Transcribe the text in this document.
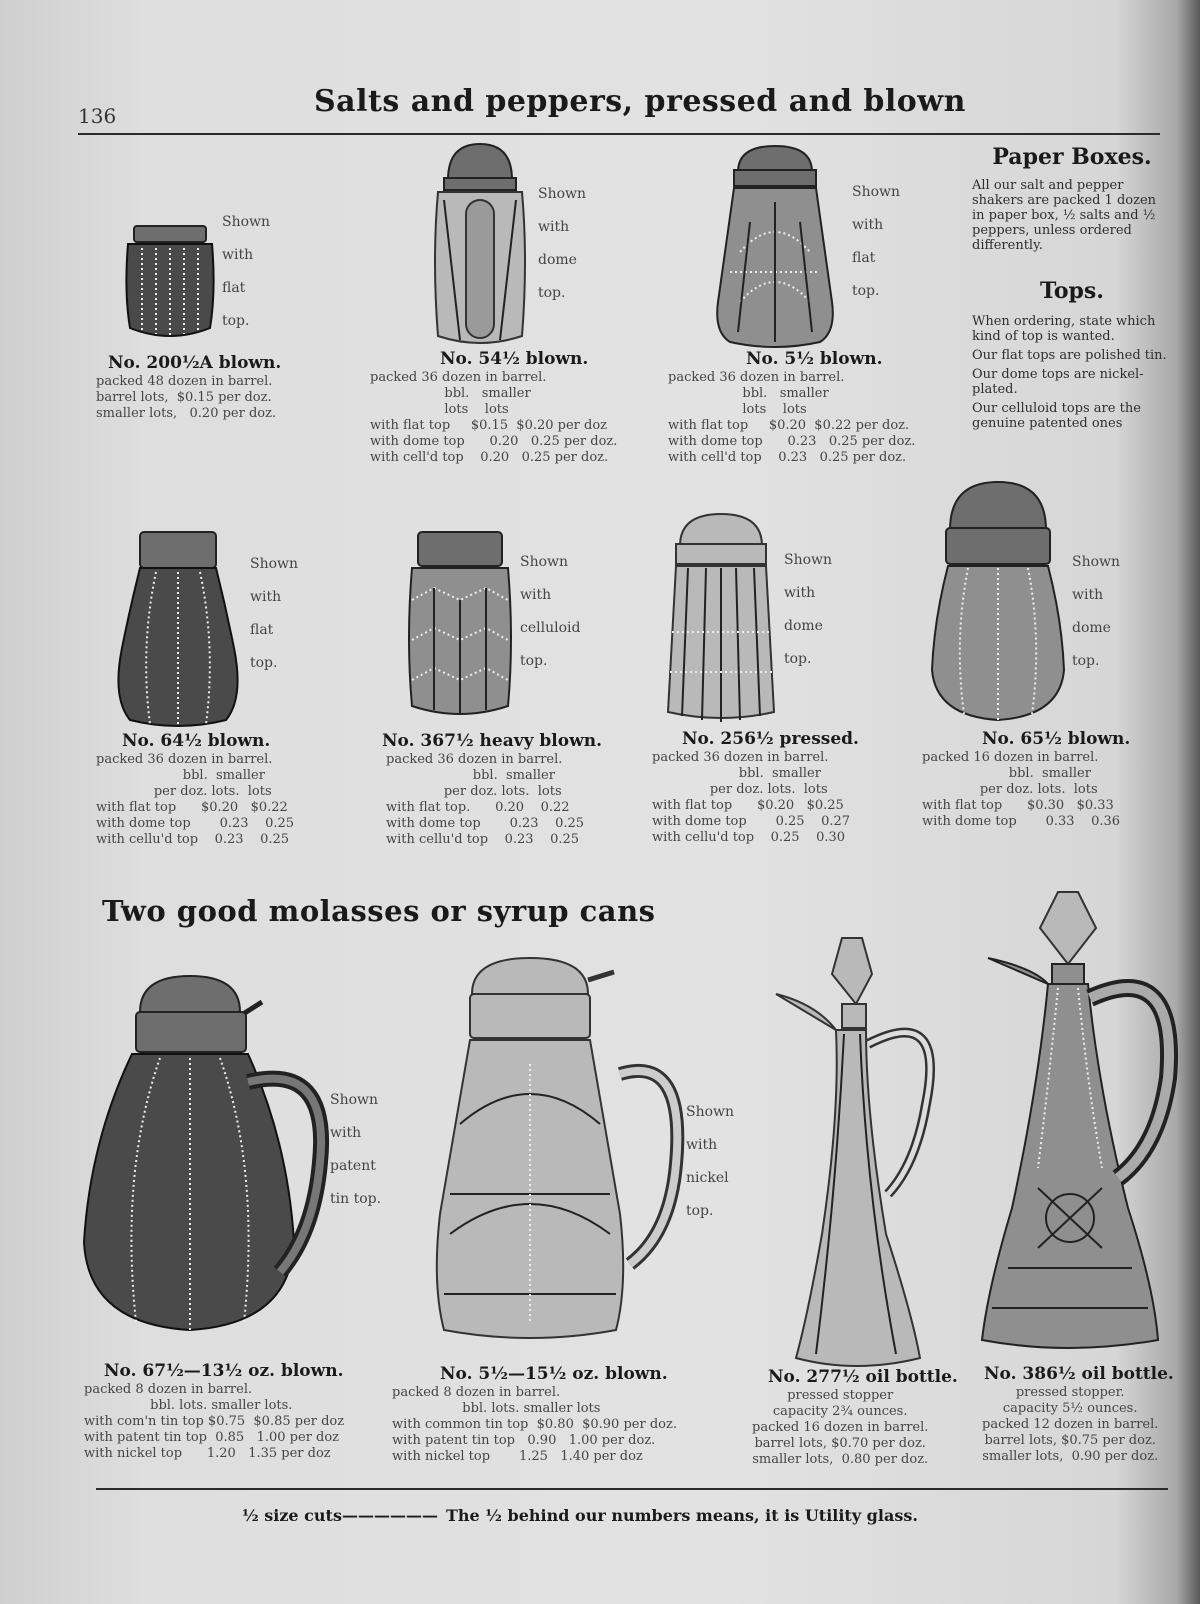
136	Salts and peppers, pressed and blown
Paper Boxes.

All our salt and pepper shakers are packed 1 dozen in paper box, ½ salts and ½ peppers, unless ordered differently.

Tops.

When ordering, state which kind of top is wanted.

Our flat tops are polished tin.

Our dome tops are nickel-plated.

Our celluloid tops are the genuine patented ones

Shown
with
flat
top.
No. 200½A blown.
packed 48 dozen in barrel.
barrel lots,  $0.15 per doz.
smaller lots,   0.20 per doz.
Shown
with
dome
top.
No. 54½ blown.
packed 36 dozen in barrel.
bbl.   smaller
lots    lots
with flat top     $0.15  $0.20 per doz
with dome top      0.20   0.25 per doz.
with cell'd top    0.20   0.25 per doz.
Shown
with
flat
top.
No. 5½ blown.
packed 36 dozen in barrel.
bbl.   smaller
lots    lots
with flat top     $0.20  $0.22 per doz.
with dome top      0.23   0.25 per doz.
with cell'd top    0.23   0.25 per doz.
Shown
with
flat
top.
No. 64½ blown.
packed 36 dozen in barrel.
bbl.  smaller
per doz. lots.  lots
with flat top      $0.20   $0.22
with dome top       0.23    0.25
with cellu'd top    0.23    0.25
Shown
with
celluloid
top.
No. 367½ heavy blown.
packed 36 dozen in barrel.
bbl.  smaller
per doz. lots.  lots
with flat top.      0.20    0.22
with dome top       0.23    0.25
with cellu'd top    0.23    0.25
Shown
with
dome
top.
No. 256½ pressed.
packed 36 dozen in barrel.
bbl.  smaller
per doz. lots.  lots
with flat top      $0.20   $0.25
with dome top       0.25    0.27
with cellu'd top    0.25    0.30
Shown
with
dome
top.
No. 65½ blown.
packed 16 dozen in barrel.
bbl.  smaller
per doz. lots.  lots
with flat top      $0.30   $0.33
with dome top       0.33    0.36
Two good molasses or syrup cans
Shown
with
patent
tin top.
No. 67½—13½ oz. blown.
packed 8 dozen in barrel.
bbl. lots. smaller lots.
with com'n tin top $0.75  $0.85 per doz
with patent tin top  0.85   1.00 per doz
with nickel top      1.20   1.35 per doz
Shown
with
nickel
top.
No. 5½—15½ oz. blown.
packed 8 dozen in barrel.
bbl. lots. smaller lots
with common tin top  $0.80  $0.90 per doz.
with patent tin top   0.90   1.00 per doz.
with nickel top       1.25   1.40 per doz
No. 277½ oil bottle.
pressed stopper
capacity 2¾ ounces.
packed 16 dozen in barrel.
barrel lots, $0.70 per doz.
smaller lots,  0.80 per doz.
No. 386½ oil bottle.
pressed stopper.
capacity 5½ ounces.
packed 12 dozen in barrel.
barrel lots, $0.75 per doz.
smaller lots,  0.90 per doz.
½ size cuts—————— The ½ behind our numbers means, it is Utility glass.
